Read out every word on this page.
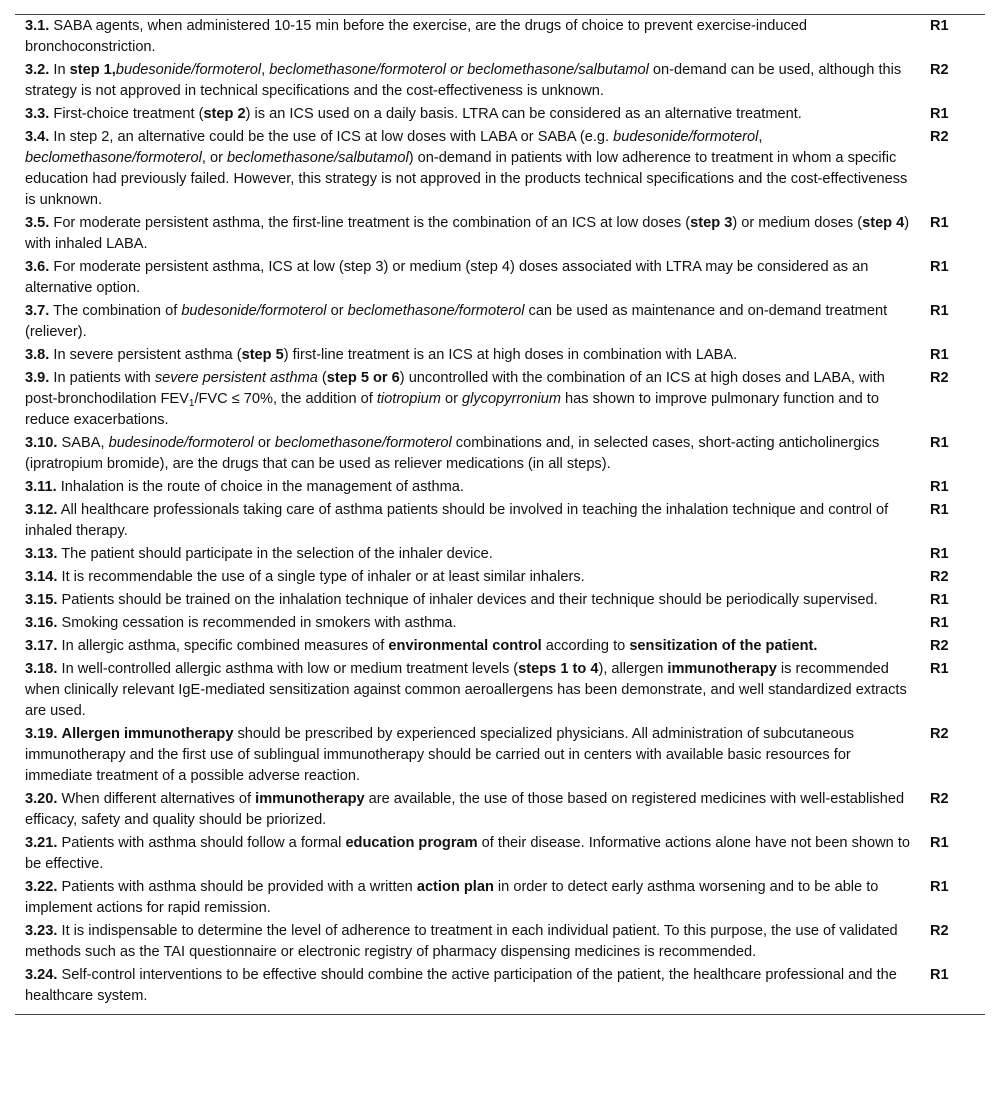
3.1. SABA agents, when administered 10-15 min before the exercise, are the drugs of choice to prevent exercise-induced bronchoconstriction.	R1
3.2. In step 1,budesonide/formoterol, beclomethasone/formoterol or beclomethasone/salbutamol on-demand can be used, although this strategy is not approved in technical specifications and the cost-effectiveness is unknown.	R2
3.3. First-choice treatment (step 2) is an ICS used on a daily basis. LTRA can be considered as an alternative treatment.	R1
3.4. In step 2, an alternative could be the use of ICS at low doses with LABA or SABA (e.g. budesonide/formoterol, beclomethasone/formoterol, or beclomethasone/salbutamol) on-demand in patients with low adherence to treatment in whom a specific education had previously failed. However, this strategy is not approved in the products technical specifications and the cost-effectiveness is unknown.	R2
3.5. For moderate persistent asthma, the first-line treatment is the combination of an ICS at low doses (step 3) or medium doses (step 4) with inhaled LABA.	R1
3.6. For moderate persistent asthma, ICS at low (step 3) or medium (step 4) doses associated with LTRA may be considered as an alternative option.	R1
3.7. The combination of budesonide/formoterol or beclomethasone/formoterol can be used as maintenance and on-demand treatment (reliever).	R1
3.8. In severe persistent asthma (step 5) first-line treatment is an ICS at high doses in combination with LABA.	R1
3.9. In patients with severe persistent asthma (step 5 or 6) uncontrolled with the combination of an ICS at high doses and LABA, with post-bronchodilation $FEV_1$/FVC ≤ 70%, the addition of tiotropium or glycopyrronium has shown to improve pulmonary function and to reduce exacerbations.	R2
3.10. SABA, budesinode/formoterol or beclomethasone/formoterol combinations and, in selected cases, short-acting anticholinergics (ipratropium bromide), are the drugs that can be used as reliever medications (in all steps).	R1
3.11. Inhalation is the route of choice in the management of asthma.	R1
3.12. All healthcare professionals taking care of asthma patients should be involved in teaching the inhalation technique and control of inhaled therapy.	R1
3.13. The patient should participate in the selection of the inhaler device.	R1
3.14. It is recommendable the use of a single type of inhaler or at least similar inhalers.	R2
3.15. Patients should be trained on the inhalation technique of inhaler devices and their technique should be periodically supervised.	R1
3.16. Smoking cessation is recommended in smokers with asthma.	R1
3.17. In allergic asthma, specific combined measures of environmental control according to sensitization of the patient.	R2
3.18. In well-controlled allergic asthma with low or medium treatment levels (steps 1 to 4), allergen immunotherapy is recommended when clinically relevant IgE-mediated sensitization against common aeroallergens has been demonstrate, and well standardized extracts are used.	R1
3.19. Allergen immunotherapy should be prescribed by experienced specialized physicians. All administration of subcutaneous immunotherapy and the first use of sublingual immunotherapy should be carried out in centers with available basic resources for immediate treatment of a possible adverse reaction.	R2
3.20. When different alternatives of immunotherapy are available, the use of those based on registered medicines with well-established efficacy, safety and quality should be priorized.	R2
3.21. Patients with asthma should follow a formal education program of their disease. Informative actions alone have not been shown to be effective.	R1
3.22. Patients with asthma should be provided with a written action plan in order to detect early asthma worsening and to be able to implement actions for rapid remission.	R1
3.23. It is indispensable to determine the level of adherence to treatment in each individual patient. To this purpose, the use of validated methods such as the TAI questionnaire or electronic registry of pharmacy dispensing medicines is recommended.	R2
3.24. Self-control interventions to be effective should combine the active participation of the patient, the healthcare professional and the healthcare system.	R1
